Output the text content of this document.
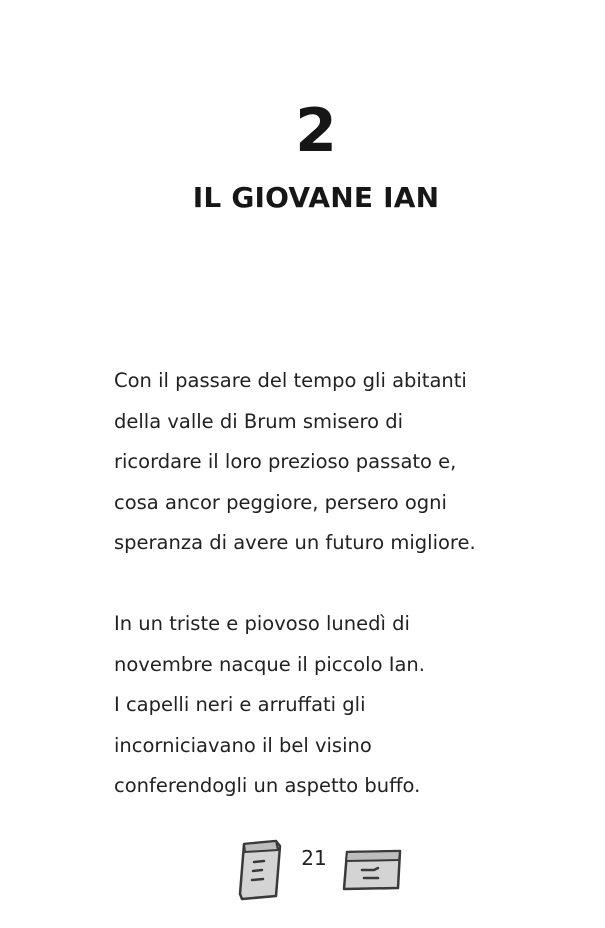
2
IL GIOVANE IAN
Con il passare del tempo gli abitanti
della valle di Brum smisero di
ricordare il loro prezioso passato e,
cosa ancor peggiore, persero ogni
speranza di avere un futuro migliore.
In un triste e piovoso lunedì di
novembre nacque il piccolo Ian.
I capelli neri e arruffati gli
incorniciavano il bel visino
conferendogli un aspetto buffo.
21
